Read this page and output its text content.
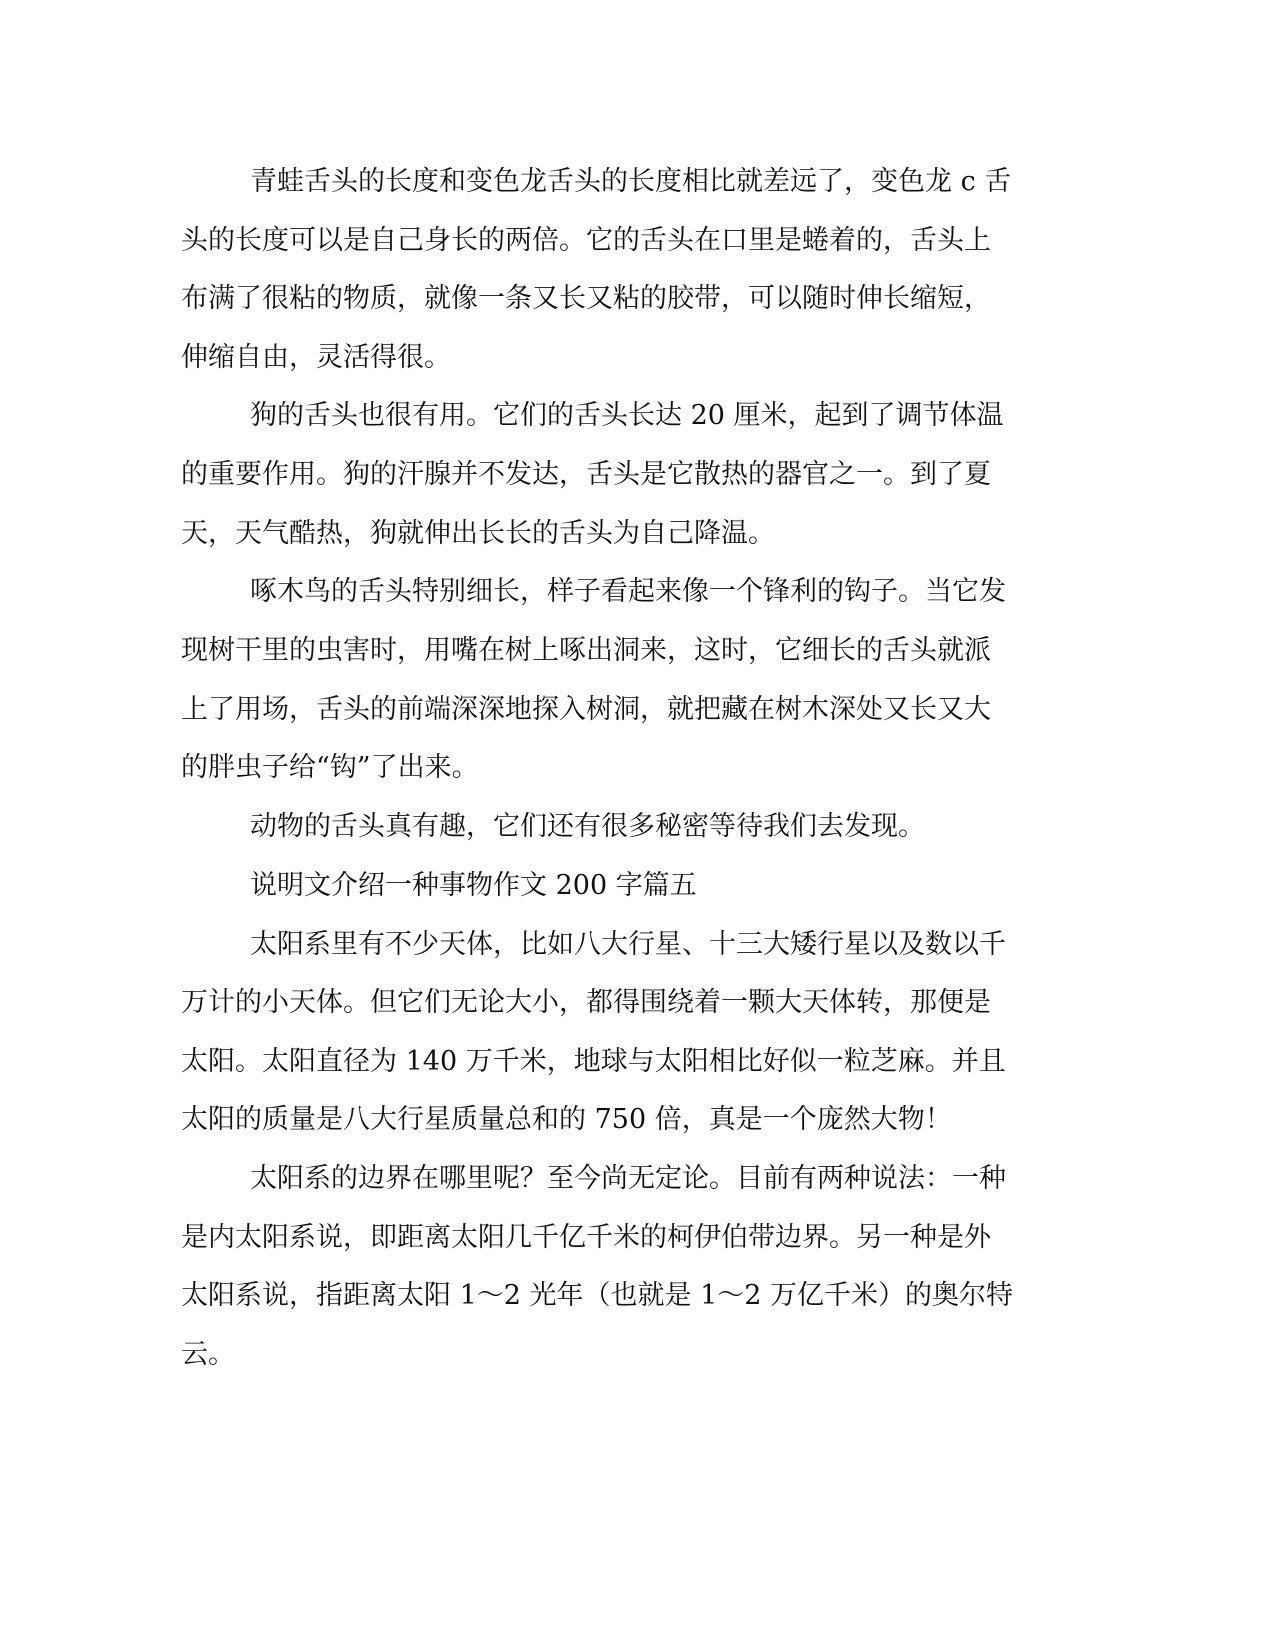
青蛙舌头的长度和变色龙舌头的长度相比就差远了，变色龙 c 舌

头的长度可以是自己身长的两倍。它的舌头在口里是蜷着的，舌头上

布满了很粘的物质，就像一条又长又粘的胶带，可以随时伸长缩短，

伸缩自由，灵活得很。

狗的舌头也很有用。它们的舌头长达 20 厘米，起到了调节体温

的重要作用。狗的汗腺并不发达，舌头是它散热的器官之一。到了夏

天，天气酷热，狗就伸出长长的舌头为自己降温。

啄木鸟的舌头特别细长，样子看起来像一个锋利的钩子。当它发

现树干里的虫害时，用嘴在树上啄出洞来，这时，它细长的舌头就派

上了用场，舌头的前端深深地探入树洞，就把藏在树木深处又长又大

的胖虫子给“钩”了出来。

动物的舌头真有趣，它们还有很多秘密等待我们去发现。

说明文介绍一种事物作文 200 字篇五

太阳系里有不少天体，比如八大行星、十三大矮行星以及数以千

万计的小天体。但它们无论大小，都得围绕着一颗大天体转，那便是

太阳。太阳直径为 140 万千米，地球与太阳相比好似一粒芝麻。并且

太阳的质量是八大行星质量总和的 750 倍，真是一个庞然大物！

太阳系的边界在哪里呢？至今尚无定论。目前有两种说法：一种

是内太阳系说，即距离太阳几千亿千米的柯伊伯带边界。另一种是外

太阳系说，指距离太阳 1～2 光年（也就是 1～2 万亿千米）的奥尔特

云。
